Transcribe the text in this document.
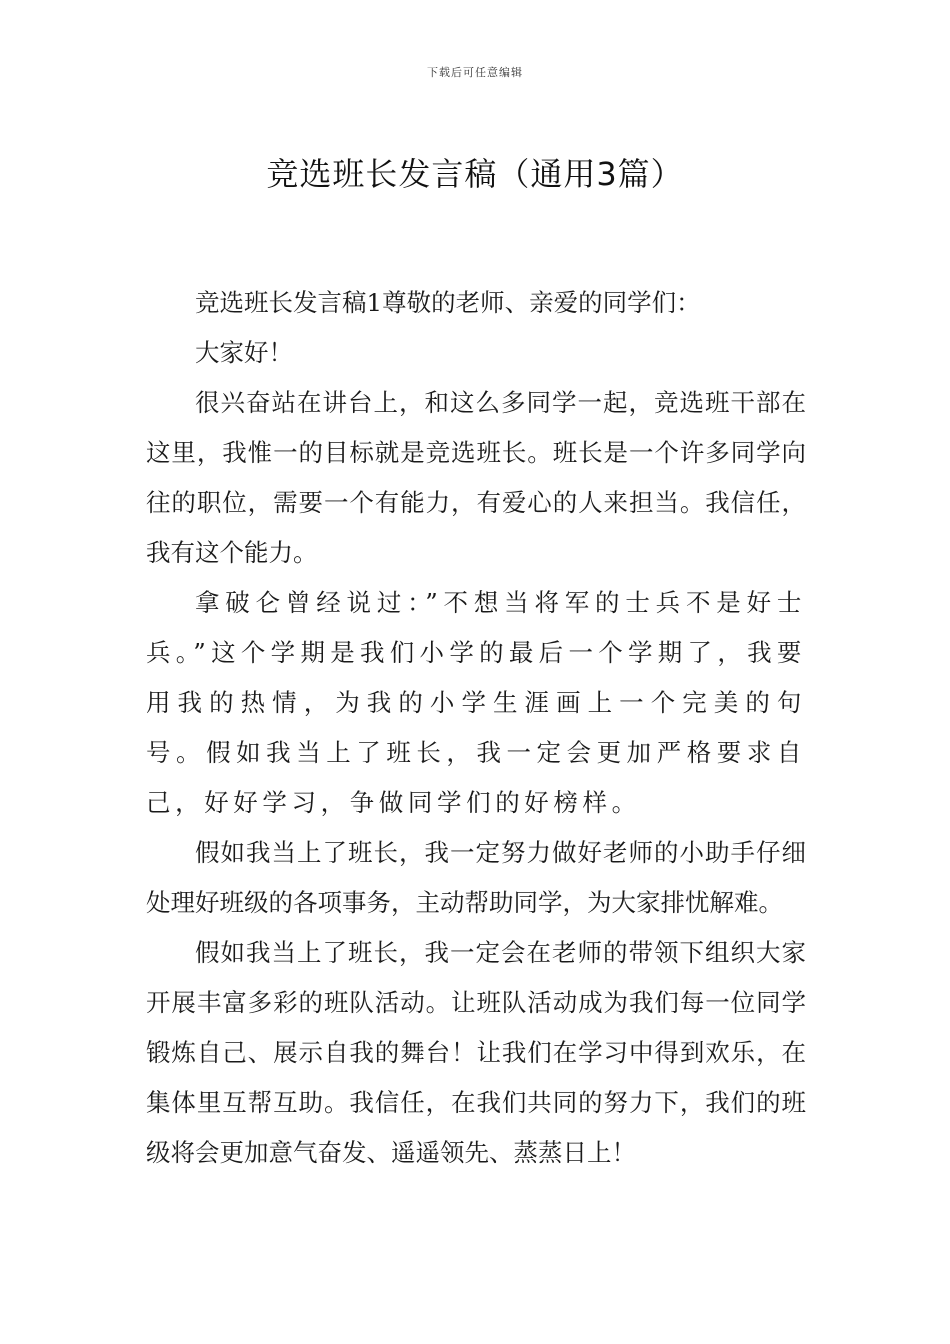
下载后可任意编辑
竞选班长发言稿（通用3篇）

竞选班长发言稿1尊敬的老师、亲爱的同学们：

大家好！

很兴奋站在讲台上，和这么多同学一起，竞选班干部在这里，我惟一的目标就是竞选班长。班长是一个许多同学向往的职位，需要一个有能力，有爱心的人来担当。我信任，我有这个能力。

拿破仑曾经说过：”不想当将军的士兵不是好士兵。”这个学期是我们小学的最后一个学期了，我要用我的热情，为我的小学生涯画上一个完美的句号。假如我当上了班长，我一定会更加严格要求自己，好好学习，争做同学们的好榜样。

假如我当上了班长，我一定努力做好老师的小助手仔细处理好班级的各项事务，主动帮助同学，为大家排忧解难。

假如我当上了班长，我一定会在老师的带领下组织大家开展丰富多彩的班队活动。让班队活动成为我们每一位同学锻炼自己、展示自我的舞台！让我们在学习中得到欢乐，在集体里互帮互助。我信任，在我们共同的努力下，我们的班级将会更加意气奋发、遥遥领先、蒸蒸日上！
